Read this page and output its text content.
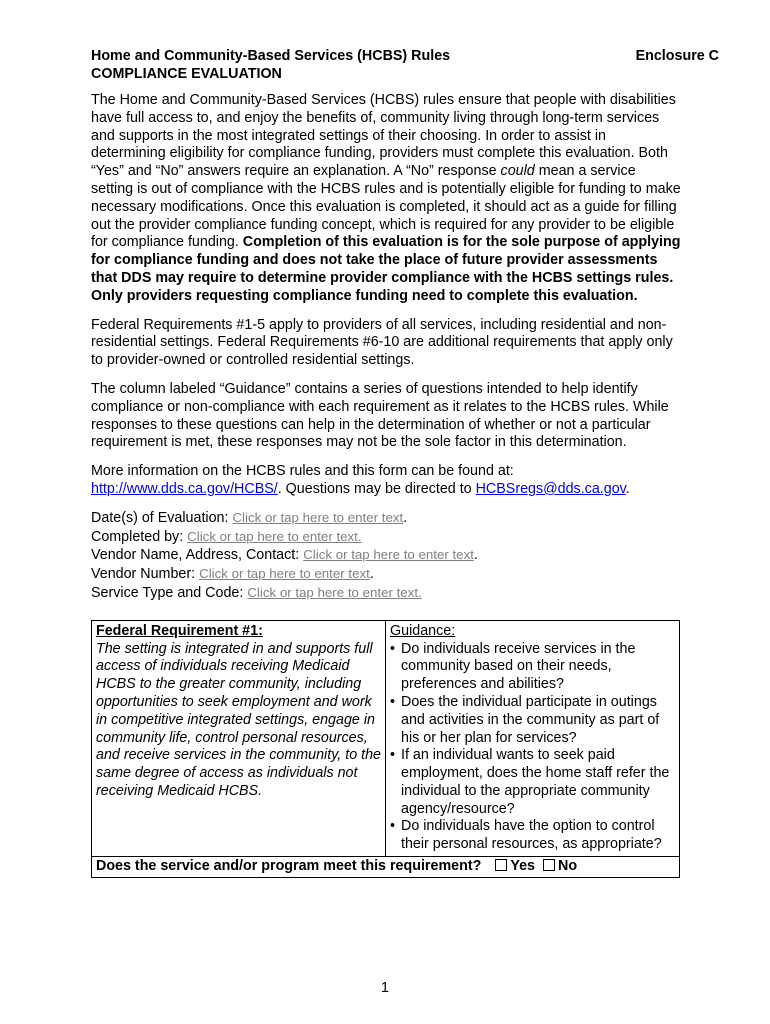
Home and Community-Based Services (HCBS) Rules
COMPLIANCE EVALUATION
Enclosure C

The Home and Community-Based Services (HCBS) rules ensure that people with disabilities have full access to, and enjoy the benefits of, community living through long-term services and supports in the most integrated settings of their choosing. In order to assist in determining eligibility for compliance funding, providers must complete this evaluation. Both “Yes” and “No” answers require an explanation. A “No” response could mean a service setting is out of compliance with the HCBS rules and is potentially eligible for funding to make necessary modifications. Once this evaluation is completed, it should act as a guide for filling out the provider compliance funding concept, which is required for any provider to be eligible for compliance funding. Completion of this evaluation is for the sole purpose of applying for compliance funding and does not take the place of future provider assessments that DDS may require to determine provider compliance with the HCBS settings rules. Only providers requesting compliance funding need to complete this evaluation.

Federal Requirements #1-5 apply to providers of all services, including residential and non-residential settings. Federal Requirements #6-10 are additional requirements that apply only to provider-owned or controlled residential settings.

The column labeled “Guidance” contains a series of questions intended to help identify compliance or non-compliance with each requirement as it relates to the HCBS rules. While responses to these questions can help in the determination of whether or not a particular requirement is met, these responses may not be the sole factor in this determination.

More information on the HCBS rules and this form can be found at:
http://www.dds.ca.gov/HCBS/. Questions may be directed to HCBSregs@dds.ca.gov.

Date(s) of Evaluation: Click or tap here to enter text.
Completed by: Click or tap here to enter text.
Vendor Name, Address, Contact: Click or tap here to enter text.
Vendor Number: Click or tap here to enter text.
Service Type and Code: Click or tap here to enter text.
Federal Requirement #1:
The setting is integrated in and supports full access of individuals receiving Medicaid HCBS to the greater community, including opportunities to seek employment and work in competitive integrated settings, engage in community life, control personal resources, and receive services in the community, to the same degree of access as individuals not receiving Medicaid HCBS.

Guidance:
• Do individuals receive services in the community based on their needs, preferences and abilities?
• Does the individual participate in outings and activities in the community as part of his or her plan for services?
• If an individual wants to seek paid employment, does the home staff refer the individual to the appropriate community agency/resource?
• Do individuals have the option to control their personal resources, as appropriate?

Does the service and/or program meet this requirement? Yes No
1
